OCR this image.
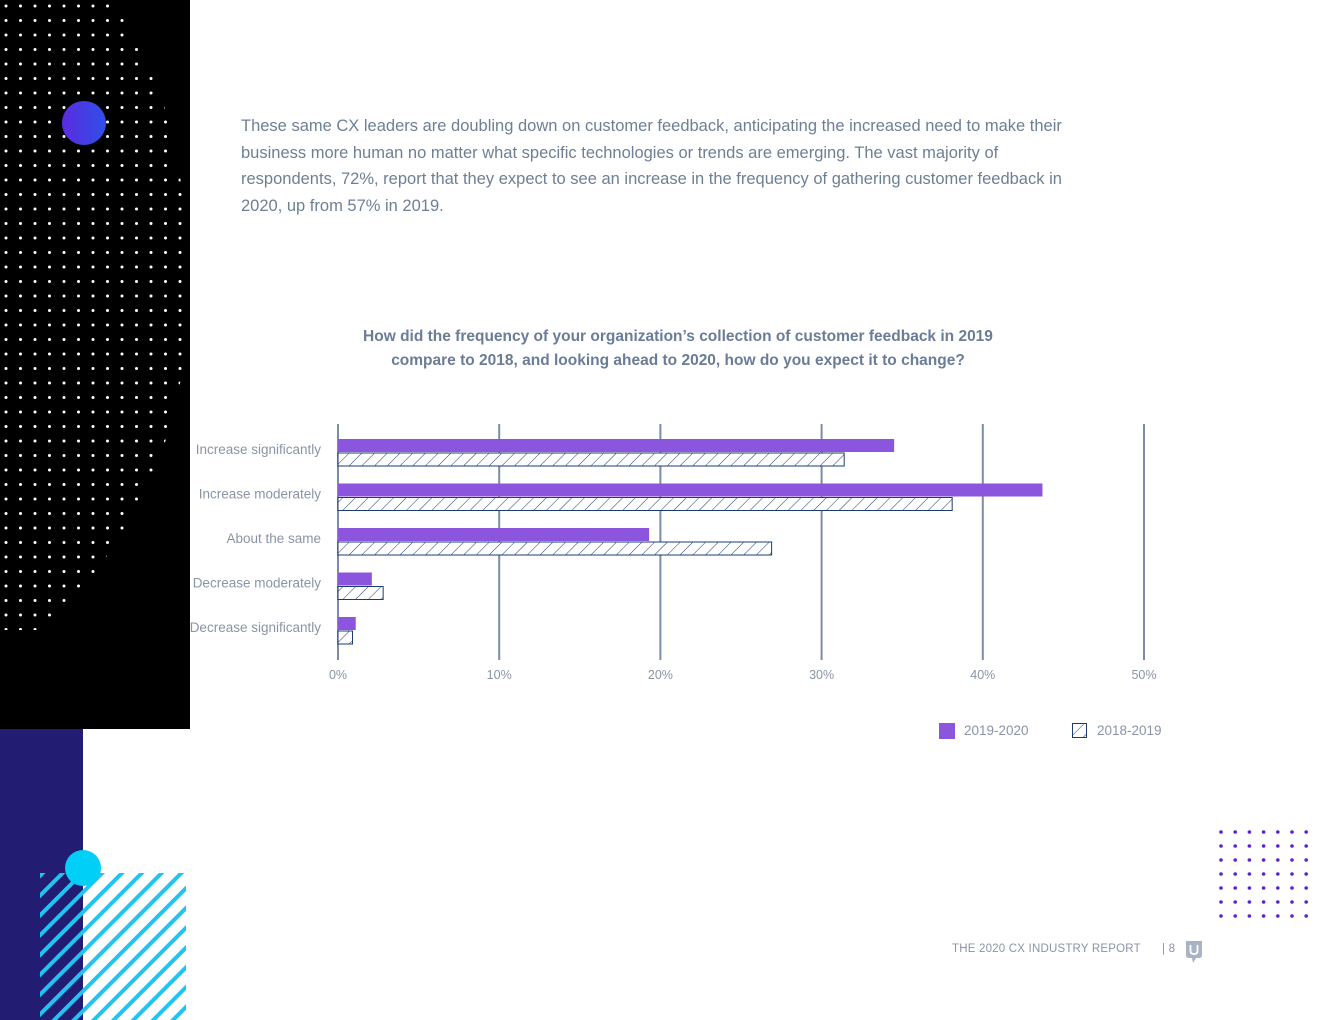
These same CX leaders are doubling down on customer feedback, anticipating the increased need to make their business more human no matter what specific technologies or trends are emerging. The vast majority of respondents, 72%, report that they expect to see an increase in the frequency of gathering customer feedback in 2020, up from 57% in 2019.

How did the frequency of your organization’s collection of customer feedback in 2019
compare to 2018, and looking ahead to 2020, how do you expect it to change?
Increase significantly
Increase moderately
About the same
Decrease moderately
Decrease significantly
0%	10%	20%	30%	40%	50%
2019-2020	2018-2019
THE 2020 CX INDUSTRY REPORT | 8
